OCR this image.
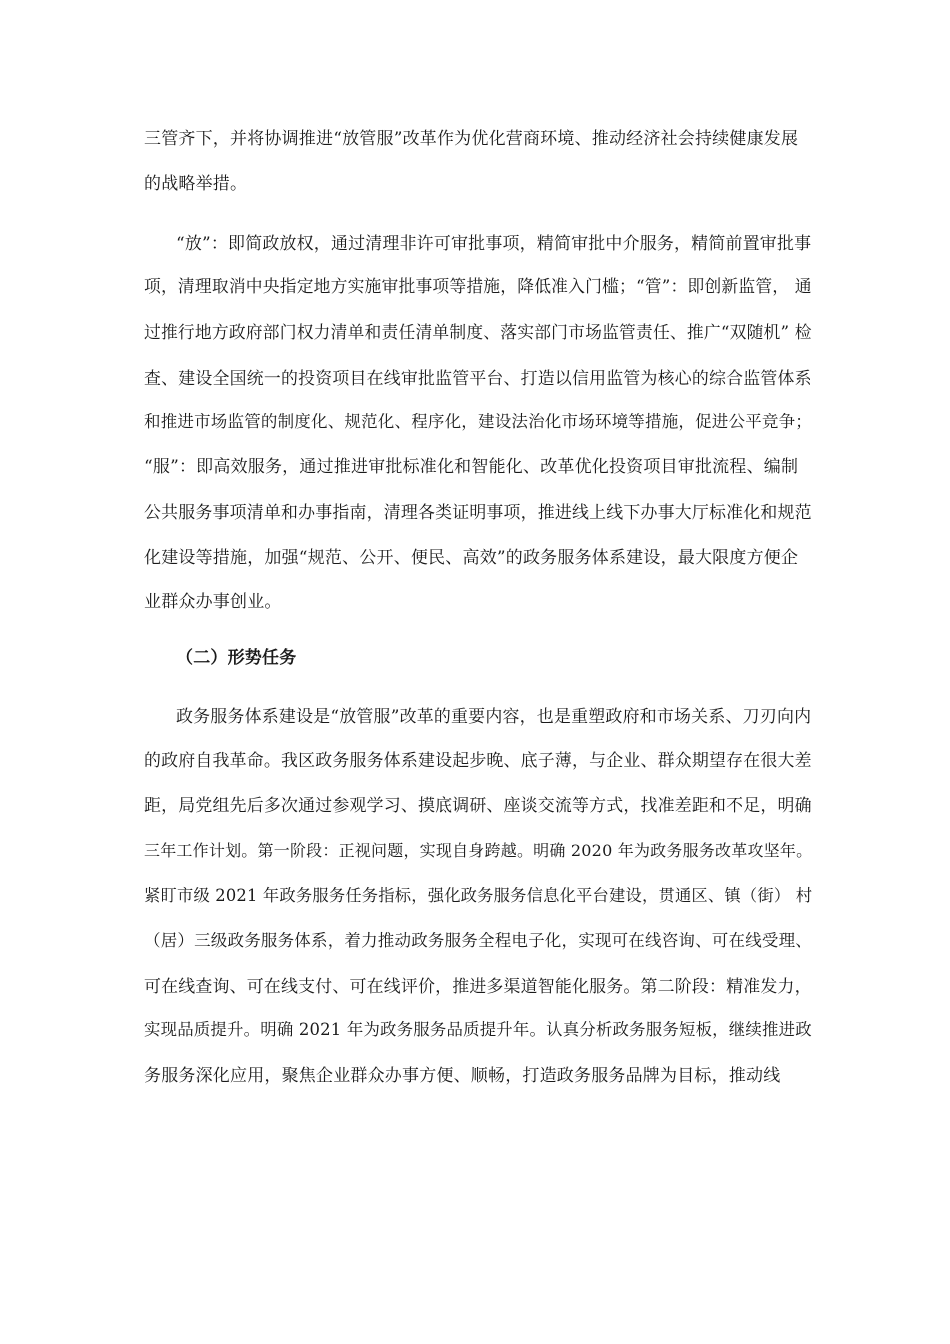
三管齐下，并将协调推进“放管服”改革作为优化营商环境、推动经济社会持续健康发展
的战略举措。
“放”：即简政放权，通过清理非许可审批事项，精简审批中介服务，精简前置审批事
项，清理取消中央指定地方实施审批事项等措施，降低准入门槛；“管”：即创新监管， 通
过推行地方政府部门权力清单和责任清单制度、落实部门市场监管责任、推广“双随机” 检
查、建设全国统一的投资项目在线审批监管平台、打造以信用监管为核心的综合监管体系
和推进市场监管的制度化、规范化、程序化，建设法治化市场环境等措施，促进公平竞争；
“服”：即高效服务，通过推进审批标准化和智能化、改革优化投资项目审批流程、编制
公共服务事项清单和办事指南，清理各类证明事项，推进线上线下办事大厅标准化和规范
化建设等措施，加强“规范、公开、便民、高效”的政务服务体系建设，最大限度方便企
业群众办事创业。
（二）形势任务
政务服务体系建设是“放管服”改革的重要内容，也是重塑政府和市场关系、刀刃向内
的政府自我革命。我区政务服务体系建设起步晚、底子薄，与企业、群众期望存在很大差
距，局党组先后多次通过参观学习、摸底调研、座谈交流等方式，找准差距和不足，明确
三年工作计划。第一阶段：正视问题，实现自身跨越。明确 2020 年为政务服务改革攻坚年。
紧盯市级 2021 年政务服务任务指标，强化政务服务信息化平台建设，贯通区、镇（街） 村
（居）三级政务服务体系，着力推动政务服务全程电子化，实现可在线咨询、可在线受理、
可在线查询、可在线支付、可在线评价，推进多渠道智能化服务。第二阶段：精准发力，
实现品质提升。明确 2021 年为政务服务品质提升年。认真分析政务服务短板，继续推进政
务服务深化应用，聚焦企业群众办事方便、顺畅，打造政务服务品牌为目标，推动线
